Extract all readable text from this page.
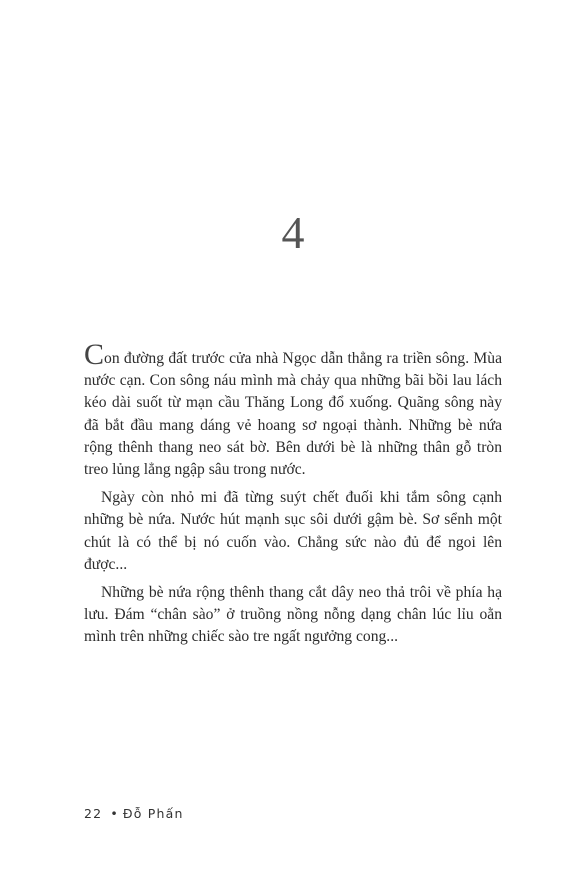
4

Con đường đất trước cửa nhà Ngọc dẫn thẳng ra triền sông. Mùa nước cạn. Con sông náu mình mà chảy qua những bãi bồi lau lách kéo dài suốt từ mạn cầu Thăng Long đổ xuống. Quãng sông này đã bắt đầu mang dáng vẻ hoang sơ ngoại thành. Những bè nứa rộng thênh thang neo sát bờ. Bên dưới bè là những thân gỗ tròn treo lủng lẳng ngập sâu trong nước.

Ngày còn nhỏ mi đã từng suýt chết đuối khi tắm sông cạnh những bè nứa. Nước hút mạnh sục sôi dưới gậm bè. Sơ sểnh một chút là có thể bị nó cuốn vào. Chẳng sức nào đủ để ngoi lên được...

Những bè nứa rộng thênh thang cắt dây neo thả trôi về phía hạ lưu. Đám “chân sào” ở truồng nồng nỗng dạng chân lúc lỉu oằn mình trên những chiếc sào tre ngất ngưởng cong...

22 • Đỗ Phấn
